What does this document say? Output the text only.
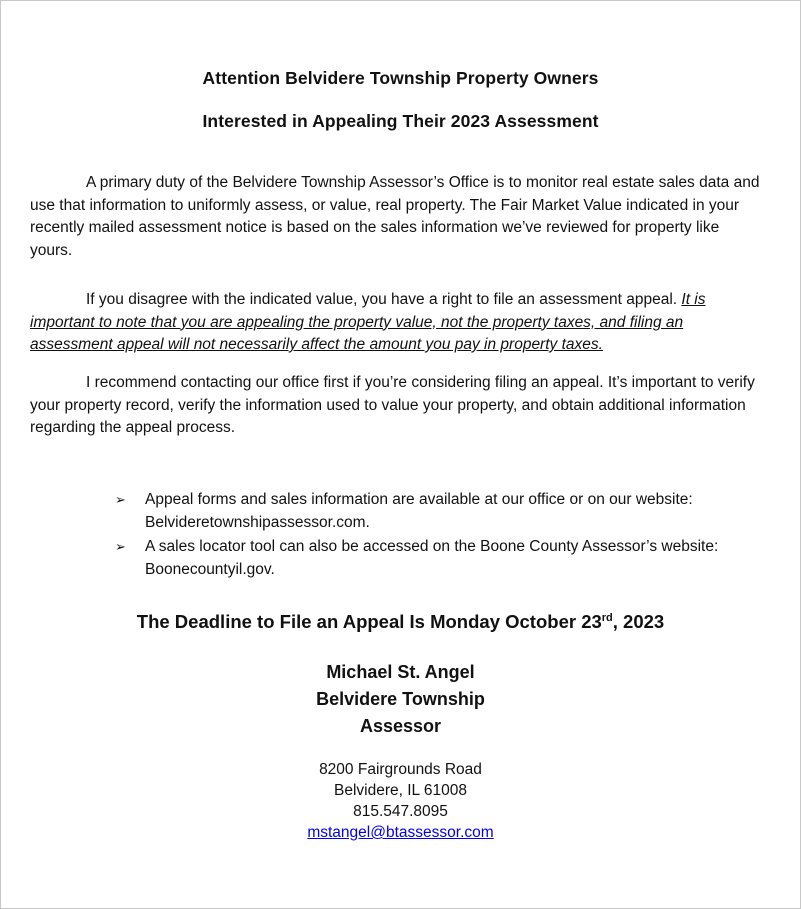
Attention Belvidere Township Property Owners
Interested in Appealing Their 2023 Assessment

A primary duty of the Belvidere Township Assessor’s Office is to monitor real estate sales data and use that information to uniformly assess, or value, real property. The Fair Market Value indicated in your recently mailed assessment notice is based on the sales information we’ve reviewed for property like yours.

If you disagree with the indicated value, you have a right to file an assessment appeal. It is important to note that you are appealing the property value, not the property taxes, and filing an assessment appeal will not necessarily affect the amount you pay in property taxes.

I recommend contacting our office first if you’re considering filing an appeal. It’s important to verify your property record, verify the information used to value your property, and obtain additional information regarding the appeal process.

➢ Appeal forms and sales information are available at our office or on our website: Belvideretownshipassessor.com.
➢ A sales locator tool can also be accessed on the Boone County Assessor’s website: Boonecountyil.gov.
The Deadline to File an Appeal Is Monday October 23rd, 2023
Michael St. Angel
Belvidere Township
Assessor
8200 Fairgrounds Road
Belvidere, IL 61008
815.547.8095
mstangel@btassessor.com
